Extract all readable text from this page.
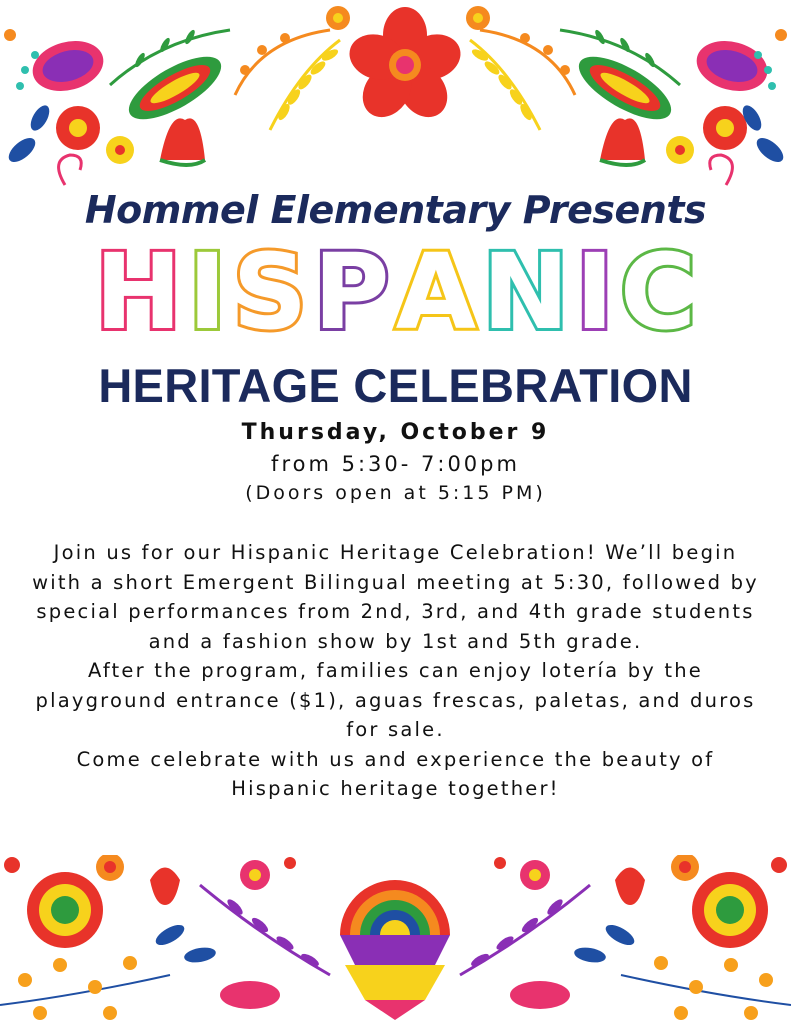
Hommel Elementary Presents
H I S P A N I C
HERITAGE CELEBRATION
Thursday, October 9
from 5:30- 7:00pm
(Doors open at 5:15 PM)

Join us for our Hispanic Heritage Celebration! We’ll begin with a short Emergent Bilingual meeting at 5:30, followed by special performances from 2nd, 3rd, and 4th grade students and a fashion show by 1st and 5th grade.

After the program, families can enjoy lotería by the playground entrance ($1), aguas frescas, paletas, and duros for sale.

Come celebrate with us and experience the beauty of Hispanic heritage together!
